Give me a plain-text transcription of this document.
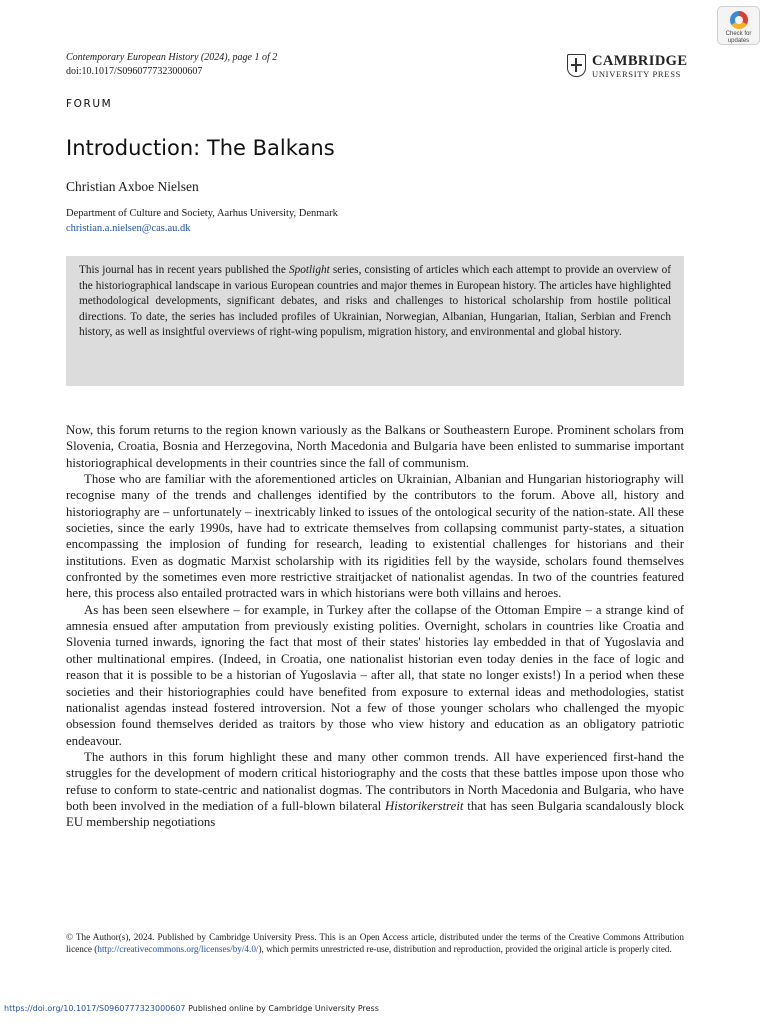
Contemporary European History (2024), page 1 of 2
doi:10.1017/S0960777323000607
Check for updates
CAMBRIDGE
UNIVERSITY PRESS
FORUM
Introduction: The Balkans
Christian Axboe Nielsen
Department of Culture and Society, Aarhus University, Denmark
christian.a.nielsen@cas.au.dk
This journal has in recent years published the Spotlight series, consisting of articles which each attempt to provide an overview of the historiographical landscape in various European countries and major themes in European history. The articles have highlighted methodological developments, significant debates, and risks and challenges to historical scholarship from hostile political directions. To date, the series has included profiles of Ukrainian, Norwegian, Albanian, Hungarian, Italian, Serbian and French history, as well as insightful overviews of right-wing populism, migration history, and environmental and global history.

Now, this forum returns to the region known variously as the Balkans or Southeastern Europe. Prominent scholars from Slovenia, Croatia, Bosnia and Herzegovina, North Macedonia and Bulgaria have been enlisted to summarise important historiographical developments in their countries since the fall of communism.

Those who are familiar with the aforementioned articles on Ukrainian, Albanian and Hungarian historiography will recognise many of the trends and challenges identified by the contributors to the forum. Above all, history and historiography are – unfortunately – inextricably linked to issues of the ontological security of the nation-state. All these societies, since the early 1990s, have had to extricate themselves from collapsing communist party-states, a situation encompassing the implosion of funding for research, leading to existential challenges for historians and their institutions. Even as dogmatic Marxist scholarship with its rigidities fell by the wayside, scholars found themselves confronted by the sometimes even more restrictive straitjacket of nationalist agendas. In two of the countries featured here, this process also entailed protracted wars in which historians were both villains and heroes.

As has been seen elsewhere – for example, in Turkey after the collapse of the Ottoman Empire – a strange kind of amnesia ensued after amputation from previously existing polities. Overnight, scholars in countries like Croatia and Slovenia turned inwards, ignoring the fact that most of their states' histories lay embedded in that of Yugoslavia and other multinational empires. (Indeed, in Croatia, one nationalist historian even today denies in the face of logic and reason that it is possible to be a historian of Yugoslavia – after all, that state no longer exists!) In a period when these societies and their historiographies could have benefited from exposure to external ideas and methodologies, statist nationalist agendas instead fostered introversion. Not a few of those younger scholars who challenged the myopic obsession found themselves derided as traitors by those who view history and education as an obligatory patriotic endeavour.

The authors in this forum highlight these and many other common trends. All have experienced first-hand the struggles for the development of modern critical historiography and the costs that these battles impose upon those who refuse to conform to state-centric and nationalist dogmas. The contributors in North Macedonia and Bulgaria, who have both been involved in the mediation of a full-blown bilateral Historikerstreit that has seen Bulgaria scandalously block EU membership negotiations

© The Author(s), 2024. Published by Cambridge University Press. This is an Open Access article, distributed under the terms of the Creative Commons Attribution licence (http://creativecommons.org/licenses/by/4.0/), which permits unrestricted re-use, distribution and reproduction, provided the original article is properly cited.
https://doi.org/10.1017/S0960777323000607 Published online by Cambridge University Press
